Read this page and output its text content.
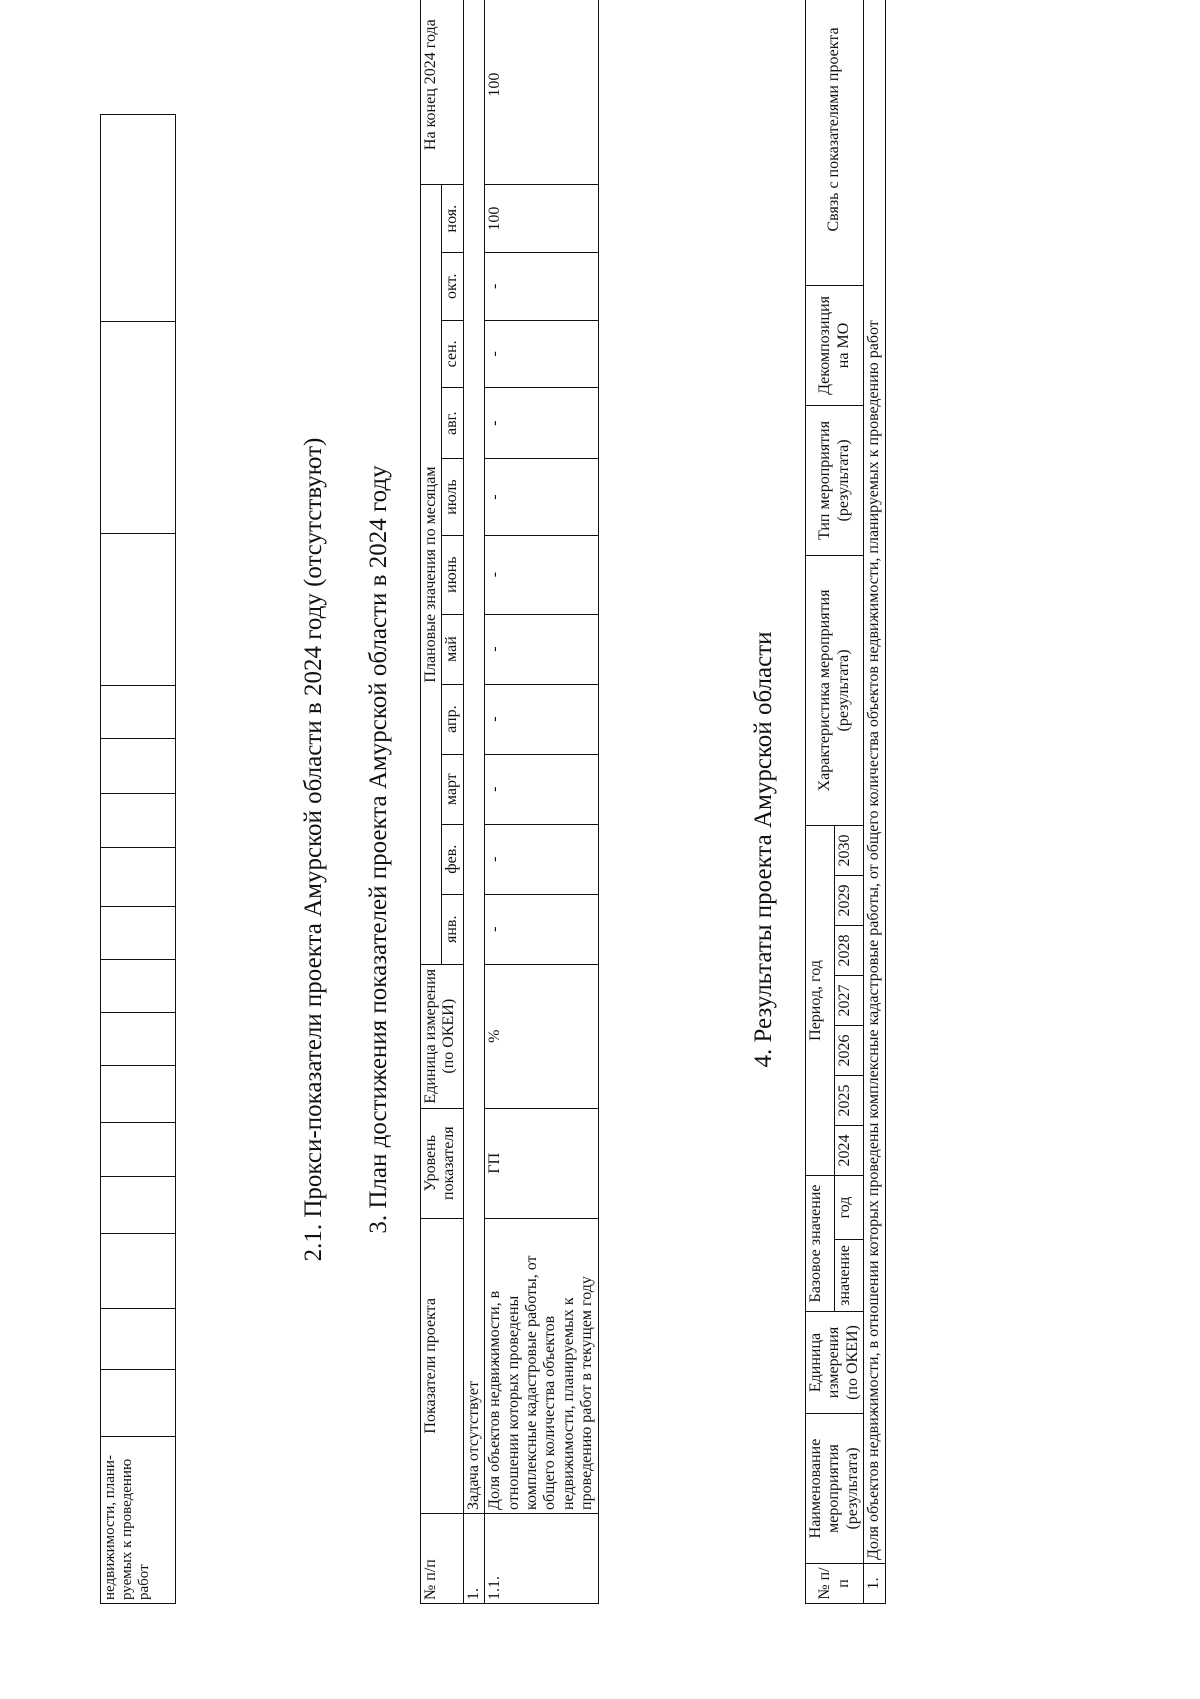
недвижимости, плани-
руемых к проведению
работ

2.1. Прокси-показатели проекта Амурской области в 2024 году (отсутствуют) 3. План достижения показателей проекта Амурской области в 2024 году
№ п/п	Показатели проекта	Уровень показателя	Единица измерения (по ОКЕИ)	Плановые значения по месяцам											На конец 2024 года
				янв.	фев.	март	апр.	май	июнь	июль	авг.	сен.	окт.	ноя.	
1.	Задача отсутствует														
1.1.	Доля объектов недвижимости, в отношении которых проведены комплексные кадастровые работы, от общего количества объектов недвижимости, планируемых к проведению работ в текущем году	ГП	%	-	-	-	-	-	-	-	-	-	-	100	100
4. Результаты проекта Амурской области
№ п/п	Наименование мероприятия (результата)	Единица измерения (по ОКЕИ)	Базовое значение		Период, год							Характеристика мероприятия (результата)	Тип мероприятия (результата)	Декомпозиция на МО	Связь с показателями проекта
			значение	год	2024	2025	2026	2027	2028	2029	2030				
1.	Доля объектов недвижимости, в отношении которых проведены комплексные кадастровые работы, от общего количества объектов недвижимости, планируемых к проведению работ														
